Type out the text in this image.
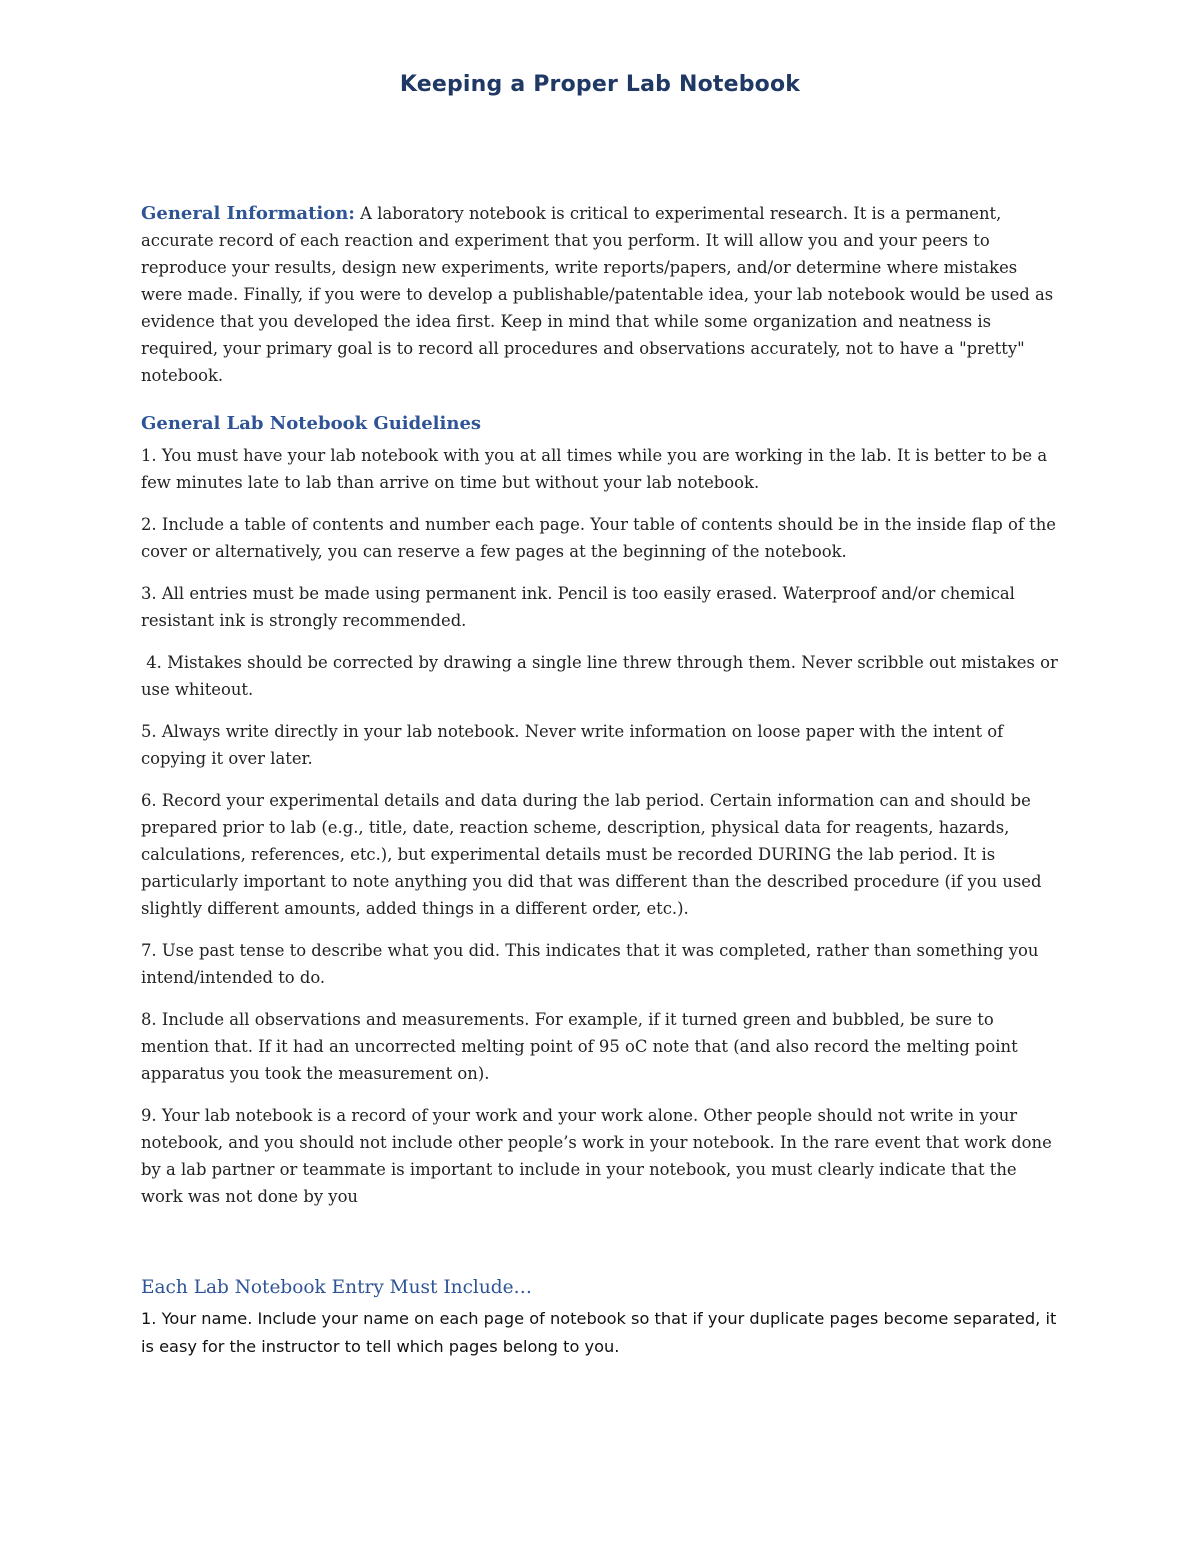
Keeping a Proper Lab Notebook
General Information: A laboratory notebook is critical to experimental research. It is a permanent, accurate record of each reaction and experiment that you perform. It will allow you and your peers to reproduce your results, design new experiments, write reports/papers, and/or determine where mistakes were made. Finally, if you were to develop a publishable/patentable idea, your lab notebook would be used as evidence that you developed the idea first. Keep in mind that while some organization and neatness is required, your primary goal is to record all procedures and observations accurately, not to have a "pretty" notebook.
General Lab Notebook Guidelines

1. You must have your lab notebook with you at all times while you are working in the lab. It is better to be a few minutes late to lab than arrive on time but without your lab notebook.

2. Include a table of contents and number each page. Your table of contents should be in the inside flap of the cover or alternatively, you can reserve a few pages at the beginning of the notebook.

3. All entries must be made using permanent ink. Pencil is too easily erased. Waterproof and/or chemical resistant ink is strongly recommended.

4. Mistakes should be corrected by drawing a single line threw through them. Never scribble out mistakes or use whiteout.

5. Always write directly in your lab notebook. Never write information on loose paper with the intent of copying it over later.

6. Record your experimental details and data during the lab period. Certain information can and should be prepared prior to lab (e.g., title, date, reaction scheme, description, physical data for reagents, hazards, calculations, references, etc.), but experimental details must be recorded DURING the lab period. It is particularly important to note anything you did that was different than the described procedure (if you used slightly different amounts, added things in a different order, etc.).

7. Use past tense to describe what you did. This indicates that it was completed, rather than something you intend/intended to do.

8. Include all observations and measurements. For example, if it turned green and bubbled, be sure to mention that. If it had an uncorrected melting point of 95 oC note that (and also record the melting point apparatus you took the measurement on).

9. Your lab notebook is a record of your work and your work alone. Other people should not write in your notebook, and you should not include other people’s work in your notebook. In the rare event that work done by a lab partner or teammate is important to include in your notebook, you must clearly indicate that the work was not done by you

Each Lab Notebook Entry Must Include…

1. Your name. Include your name on each page of notebook so that if your duplicate pages become separated, it is easy for the instructor to tell which pages belong to you.
